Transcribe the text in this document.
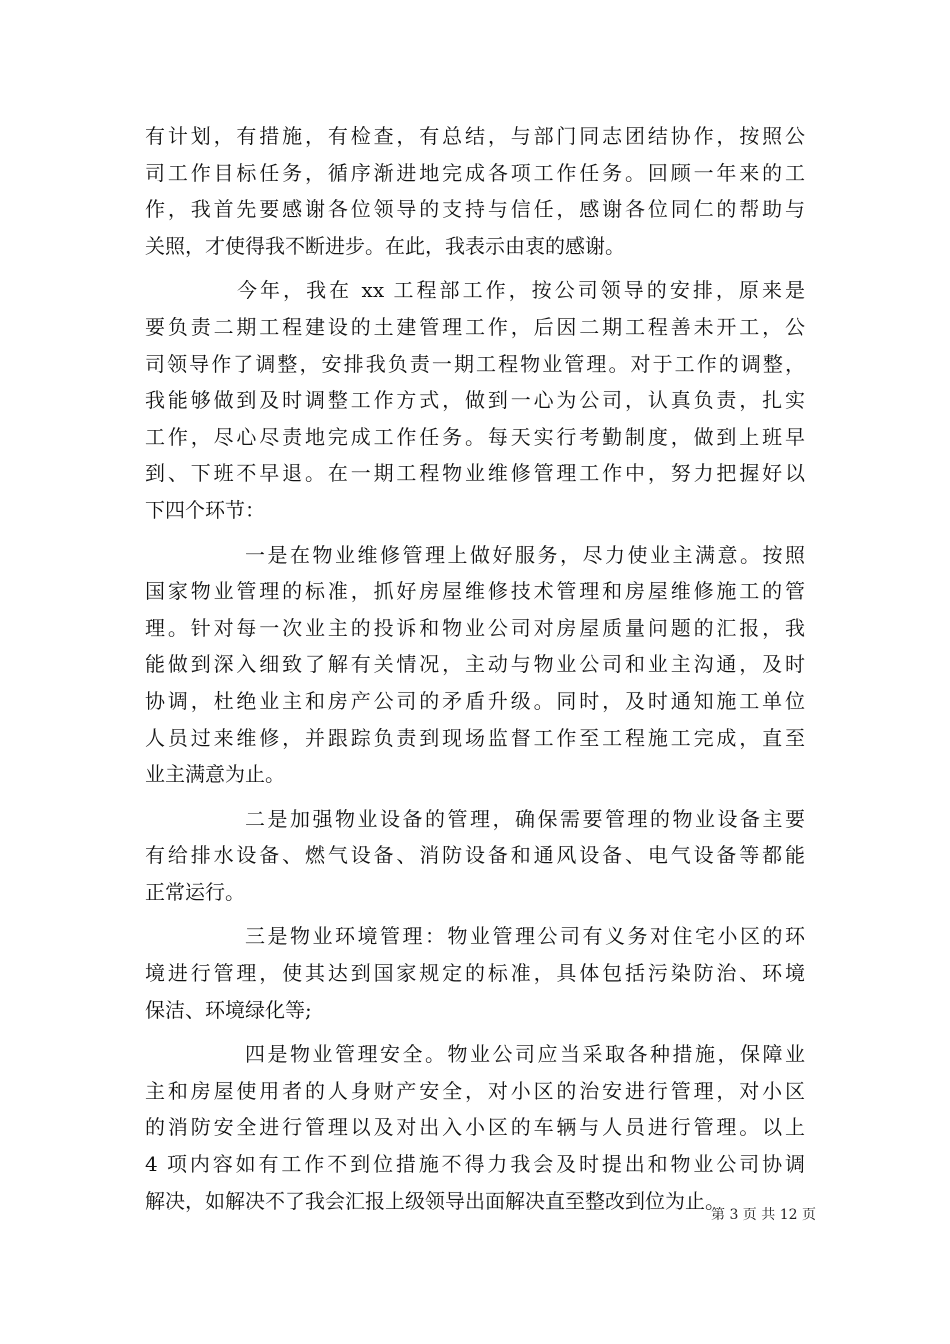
有计划，有措施，有检查，有总结，与部门同志团结协作，按照公
司工作目标任务，循序渐进地完成各项工作任务。回顾一年来的工
作，我首先要感谢各位领导的支持与信任，感谢各位同仁的帮助与
关照，才使得我不断进步。在此，我表示由衷的感谢。
今年，我在 xx 工程部工作，按公司领导的安排，原来是
要负责二期工程建设的土建管理工作，后因二期工程善未开工，公
司领导作了调整，安排我负责一期工程物业管理。对于工作的调整，
我能够做到及时调整工作方式，做到一心为公司，认真负责，扎实
工作，尽心尽责地完成工作任务。每天实行考勤制度，做到上班早
到、下班不早退。在一期工程物业维修管理工作中，努力把握好以
下四个环节：
一是在物业维修管理上做好服务，尽力使业主满意。按照
国家物业管理的标准，抓好房屋维修技术管理和房屋维修施工的管
理。针对每一次业主的投诉和物业公司对房屋质量问题的汇报，我
能做到深入细致了解有关情况，主动与物业公司和业主沟通，及时
协调，杜绝业主和房产公司的矛盾升级。同时，及时通知施工单位
人员过来维修，并跟踪负责到现场监督工作至工程施工完成，直至
业主满意为止。
二是加强物业设备的管理，确保需要管理的物业设备主要
有给排水设备、燃气设备、消防设备和通风设备、电气设备等都能
正常运行。
三是物业环境管理：物业管理公司有义务对住宅小区的环
境进行管理，使其达到国家规定的标准，具体包括污染防治、环境
保洁、环境绿化等;
四是物业管理安全。物业公司应当采取各种措施，保障业
主和房屋使用者的人身财产安全，对小区的治安进行管理，对小区
的消防安全进行管理以及对出入小区的车辆与人员进行管理。以上
4 项内容如有工作不到位措施不得力我会及时提出和物业公司协调
解决，如解决不了我会汇报上级领导出面解决直至整改到位为止。
第 3 页 共 12 页
